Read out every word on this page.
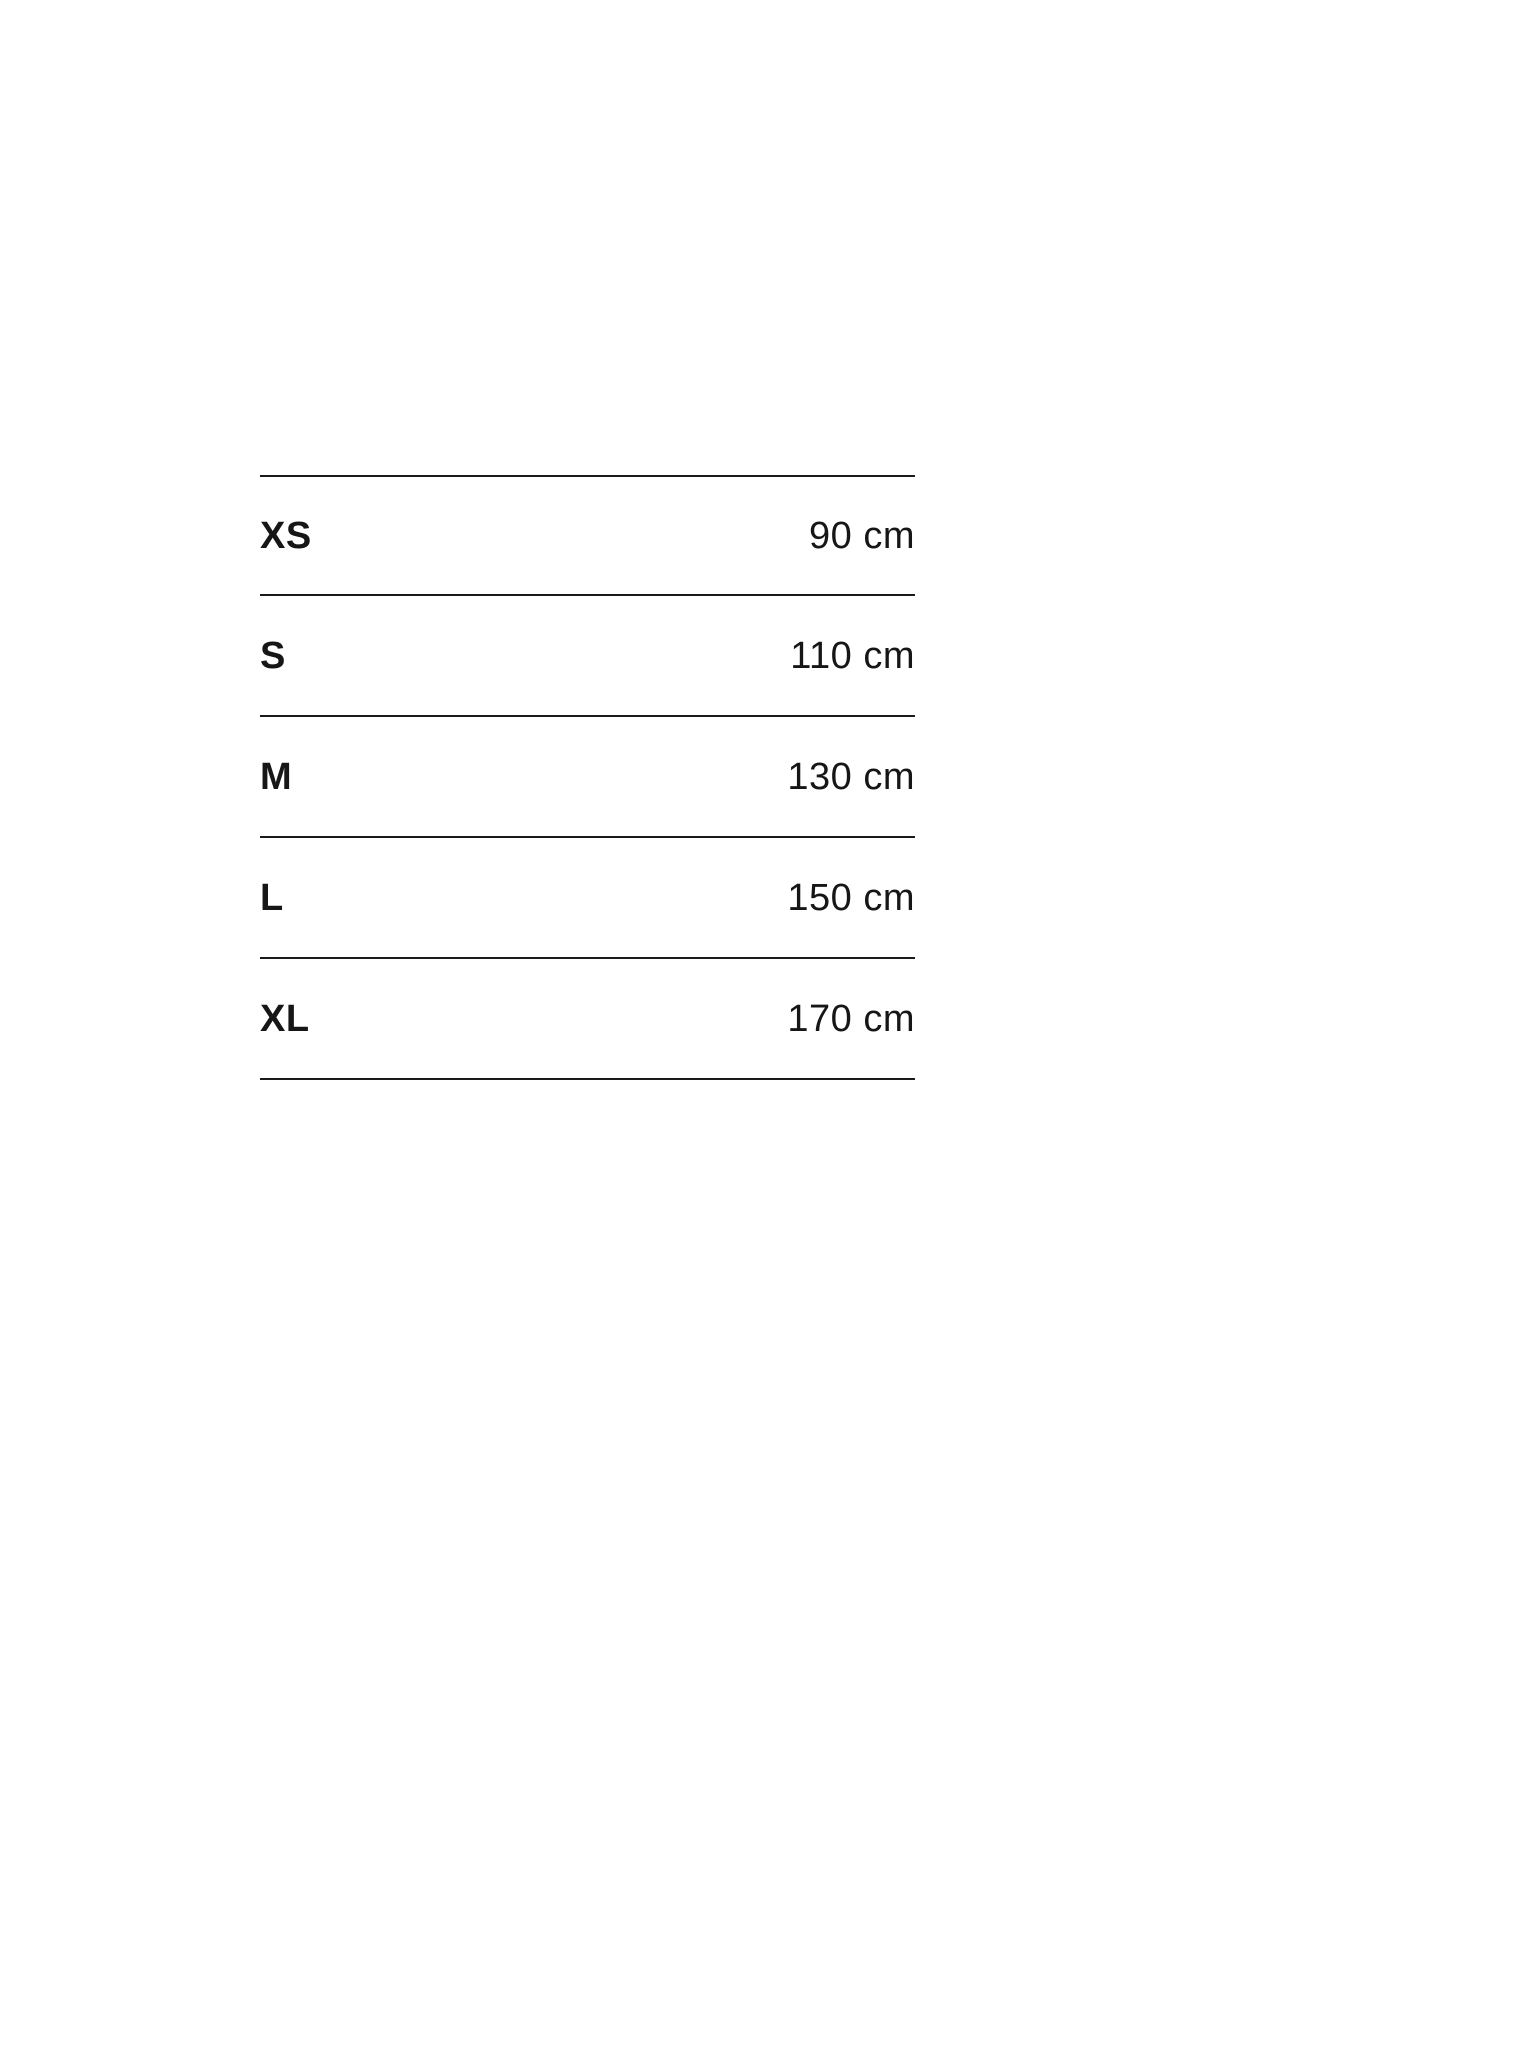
XS	90 cm
S	110 cm
M	130 cm
L	150 cm
XL	170 cm
